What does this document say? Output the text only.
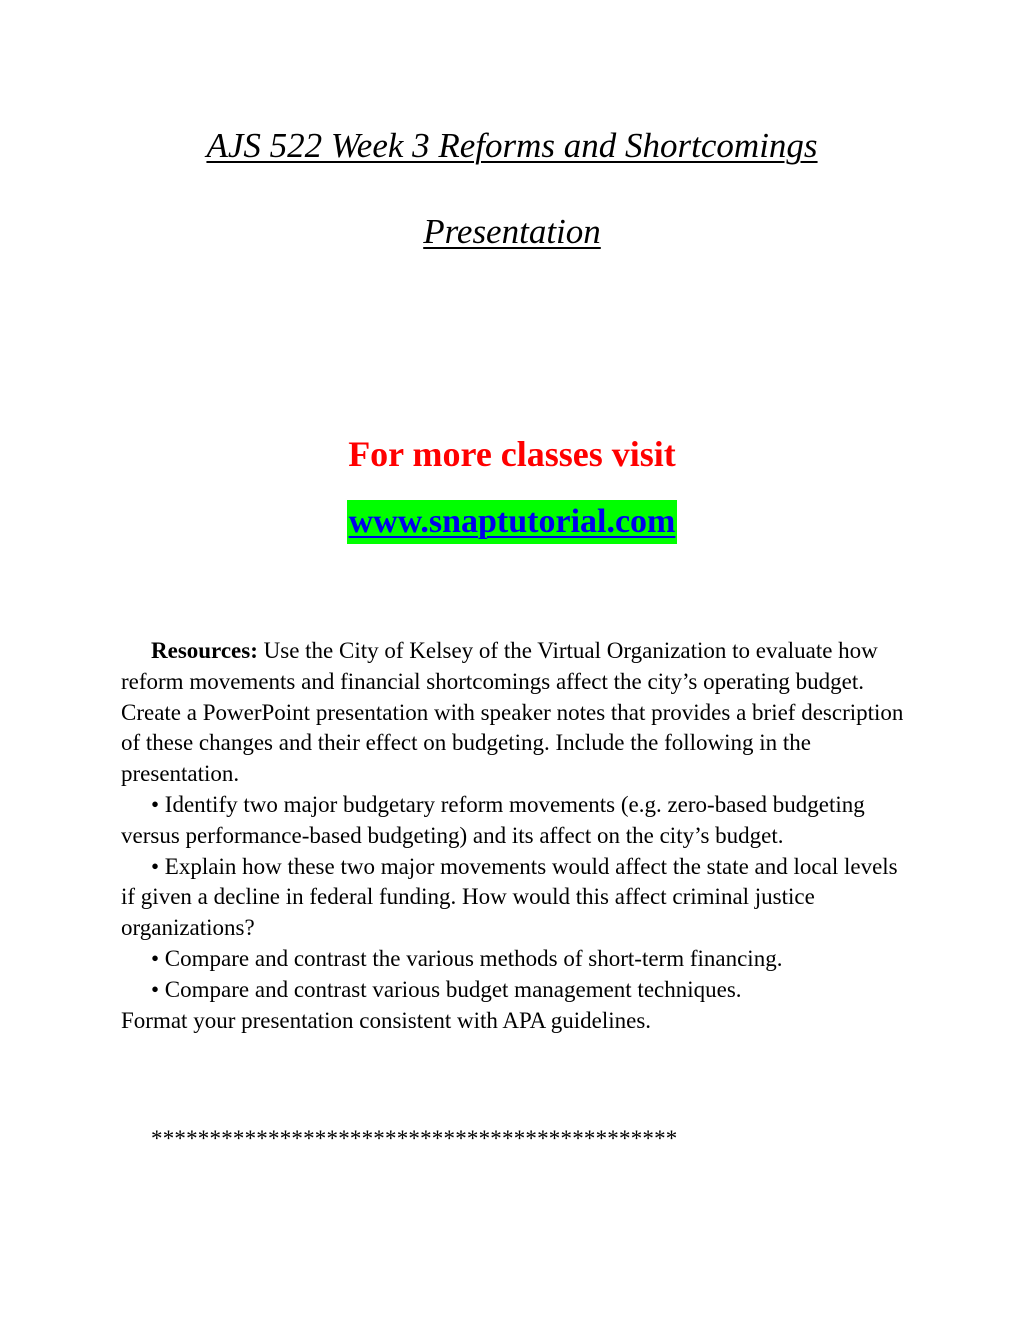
AJS 522 Week 3 Reforms and Shortcomings
Presentation
For more classes visit
www.snaptutorial.com

Resources: Use the City of Kelsey of the Virtual Organization to evaluate how reform movements and financial shortcomings affect the city’s operating budget. Create a PowerPoint presentation with speaker notes that provides a brief description of these changes and their effect on budgeting. Include the following in the presentation.

• Identify two major budgetary reform movements (e.g. zero-based budgeting versus performance-based budgeting) and its affect on the city’s budget.

• Explain how these two major movements would affect the state and local levels if given a decline in federal funding. How would this affect criminal justice organizations?

• Compare and contrast the various methods of short-term financing.

• Compare and contrast various budget management techniques.

Format your presentation consistent with APA guidelines.

*********************************************
